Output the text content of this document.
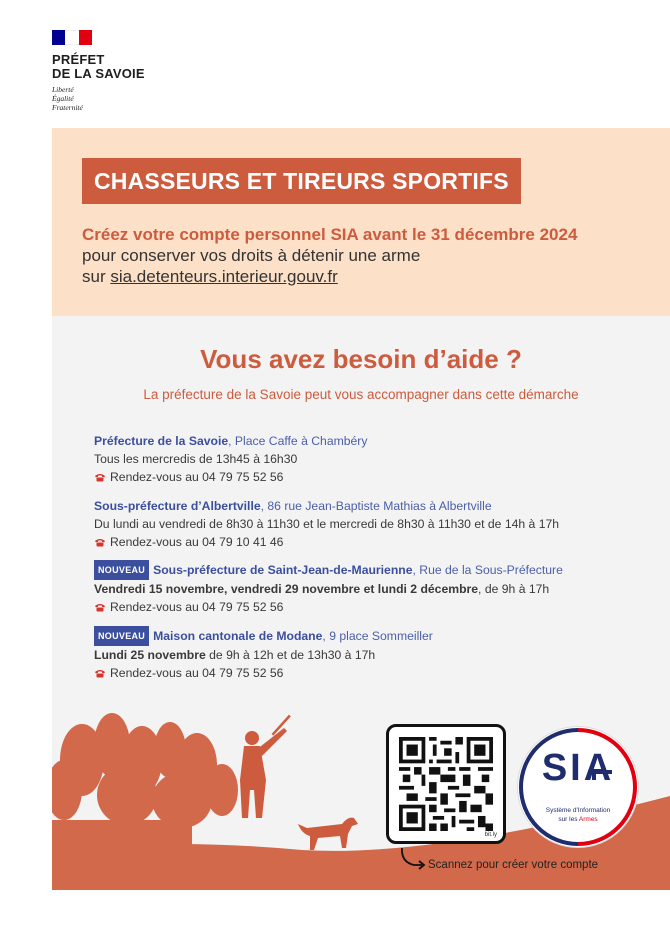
PRÉFET
DE LA SAVOIE
Liberté
Égalité
Fraternité
CHASSEURS ET TIREURS SPORTIFS
Créez votre compte personnel SIA avant le 31 décembre 2024
pour conserver vos droits à détenir une arme
sur sia.detenteurs.interieur.gouv.fr
Vous avez besoin d’aide ?
La préfecture de la Savoie peut vous accompagner dans cette démarche
Préfecture de la Savoie, Place Caffe à Chambéry
Tous les mercredis de 13h45 à 16h30
Rendez-vous au 04 79 75 52 56
Sous-préfecture d’Albertville, 86 rue Jean-Baptiste Mathias à Albertville
Du lundi au vendredi de 8h30 à 11h30 et le mercredi de 8h30 à 11h30 et de 14h à 17h
Rendez-vous au 04 79 10 41 46
NOUVEAU Sous-préfecture de Saint-Jean-de-Maurienne, Rue de la Sous-Préfecture
Vendredi 15 novembre, vendredi 29 novembre et lundi 2 décembre, de 9h à 17h
Rendez-vous au 04 79 75 52 56
NOUVEAU Maison cantonale de Modane, 9 place Sommeiller
Lundi 25 novembre de 9h à 12h et de 13h30 à 17h
Rendez-vous au 04 79 75 52 56
bit.ly
SIA
Système d'Information
sur les Armes
Scannez pour créer votre compte
